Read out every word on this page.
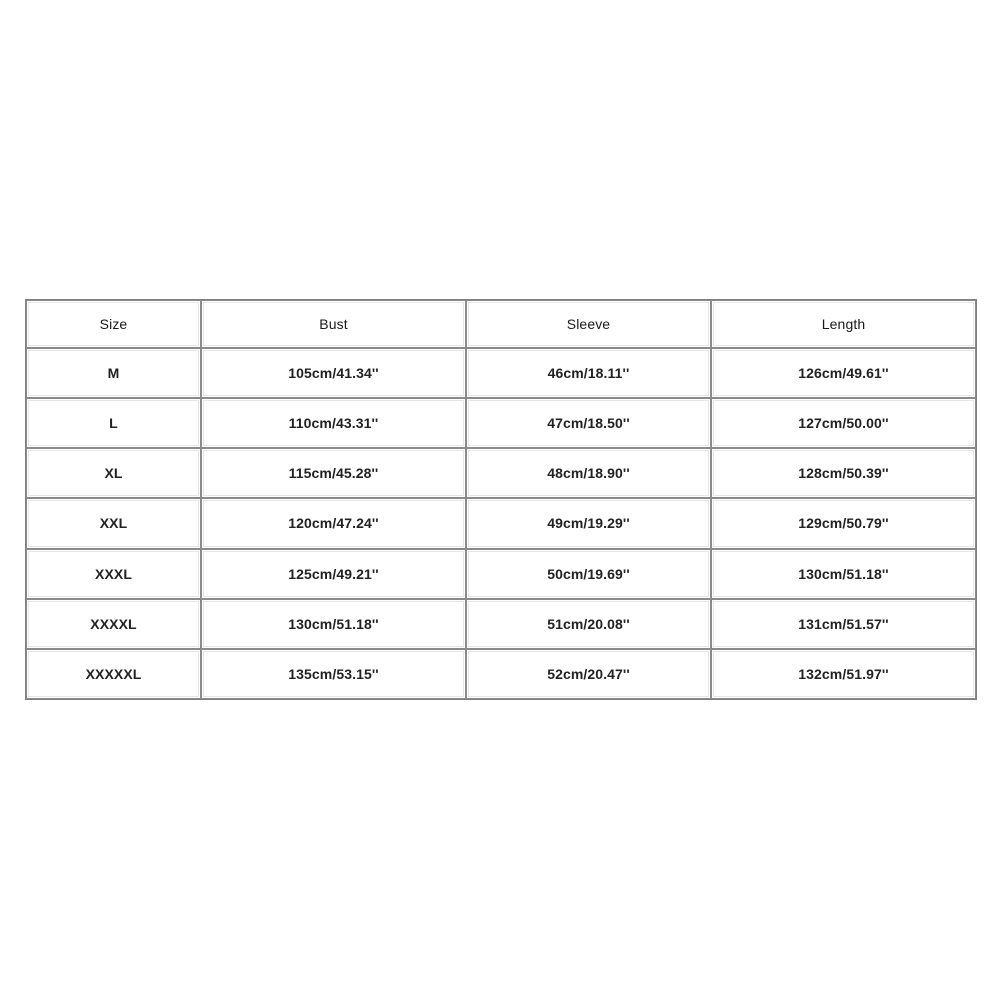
Size	Bust	Sleeve	Length
M	105cm/41.34''	46cm/18.11''	126cm/49.61''
L	110cm/43.31''	47cm/18.50''	127cm/50.00''
XL	115cm/45.28''	48cm/18.90''	128cm/50.39''
XXL	120cm/47.24''	49cm/19.29''	129cm/50.79''
XXXL	125cm/49.21''	50cm/19.69''	130cm/51.18''
XXXXL	130cm/51.18''	51cm/20.08''	131cm/51.57''
XXXXXL	135cm/53.15''	52cm/20.47''	132cm/51.97''
